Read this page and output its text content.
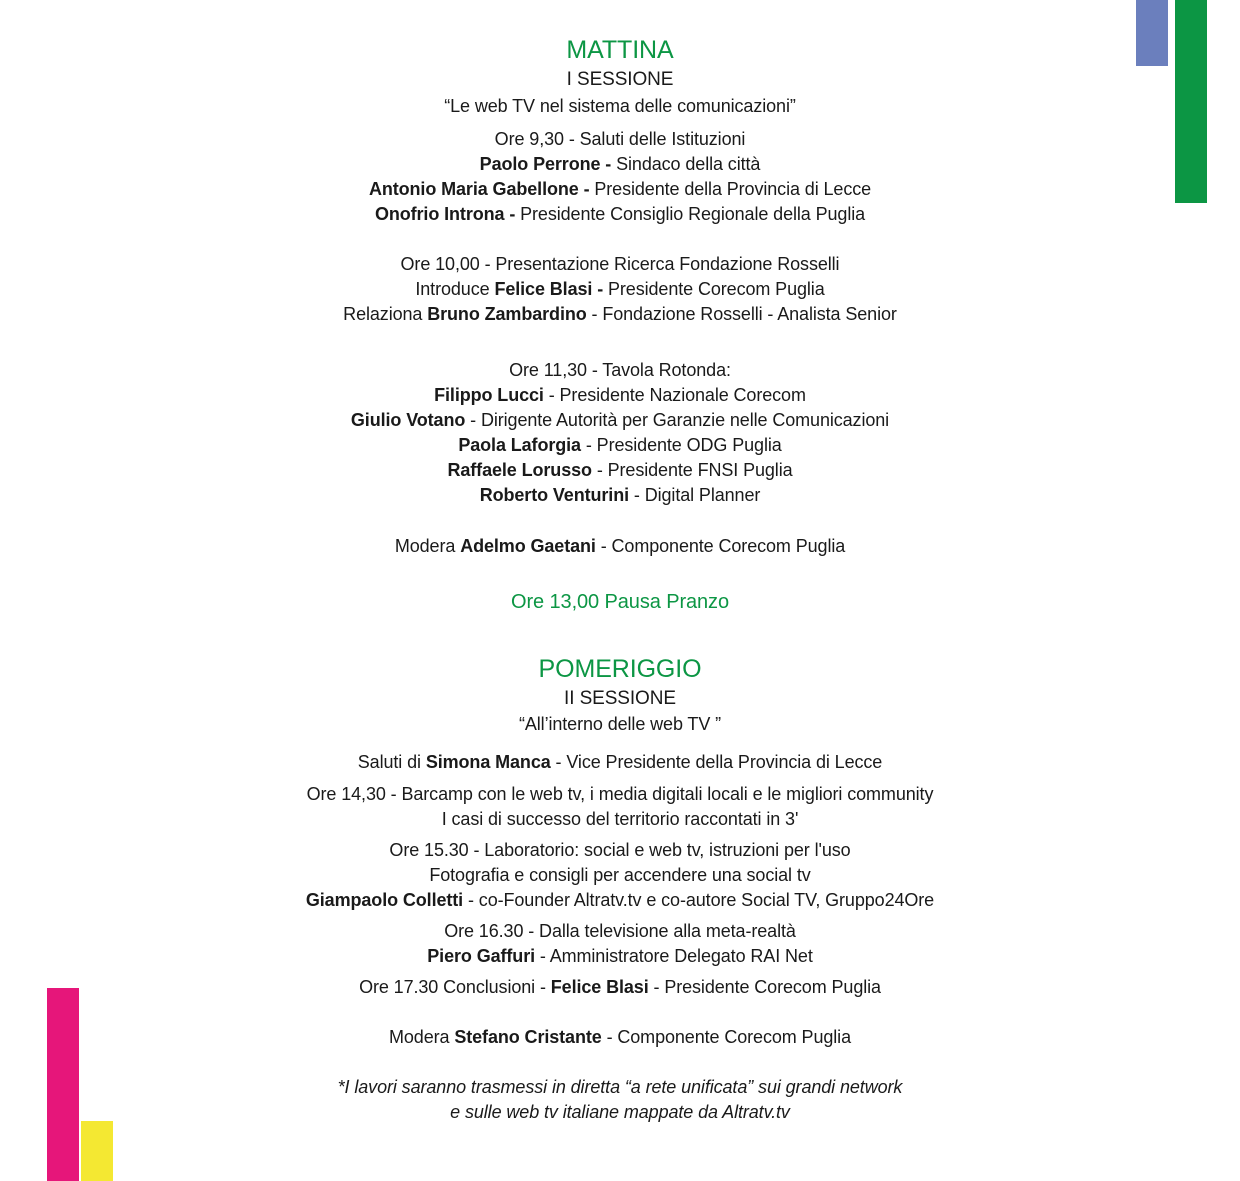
MATTINA
I SESSIONE
“Le web TV nel sistema delle comunicazioni”
Ore 9,30 - Saluti delle Istituzioni
Paolo Perrone - Sindaco della città
Antonio Maria Gabellone - Presidente della Provincia di Lecce
Onofrio Introna - Presidente Consiglio Regionale della Puglia
Ore 10,00 - Presentazione Ricerca Fondazione Rosselli
Introduce Felice Blasi - Presidente Corecom Puglia
Relaziona Bruno Zambardino - Fondazione Rosselli - Analista Senior
Ore 11,30 - Tavola Rotonda:
Filippo Lucci - Presidente Nazionale Corecom
Giulio Votano - Dirigente Autorità per Garanzie nelle Comunicazioni
Paola Laforgia - Presidente ODG Puglia
Raffaele Lorusso - Presidente FNSI Puglia
Roberto Venturini - Digital Planner
Modera Adelmo Gaetani - Componente Corecom Puglia
Ore 13,00 Pausa Pranzo
POMERIGGIO
II SESSIONE
“All’interno delle web TV ”
Saluti di Simona Manca - Vice Presidente della Provincia di Lecce
Ore 14,30 - Barcamp con le web tv, i media digitali locali e le migliori community
I casi di successo del territorio raccontati in 3'
Ore 15.30 - Laboratorio: social e web tv, istruzioni per l'uso
Fotografia e consigli per accendere una social tv
Giampaolo Colletti - co-Founder Altratv.tv e co-autore Social TV, Gruppo24Ore
Ore 16.30 - Dalla televisione alla meta-realtà
Piero Gaffuri - Amministratore Delegato RAI Net
Ore 17.30 Conclusioni - Felice Blasi - Presidente Corecom Puglia
Modera Stefano Cristante - Componente Corecom Puglia
*I lavori saranno trasmessi in diretta “a rete unificata” sui grandi network
e sulle web tv italiane mappate da Altratv.tv
